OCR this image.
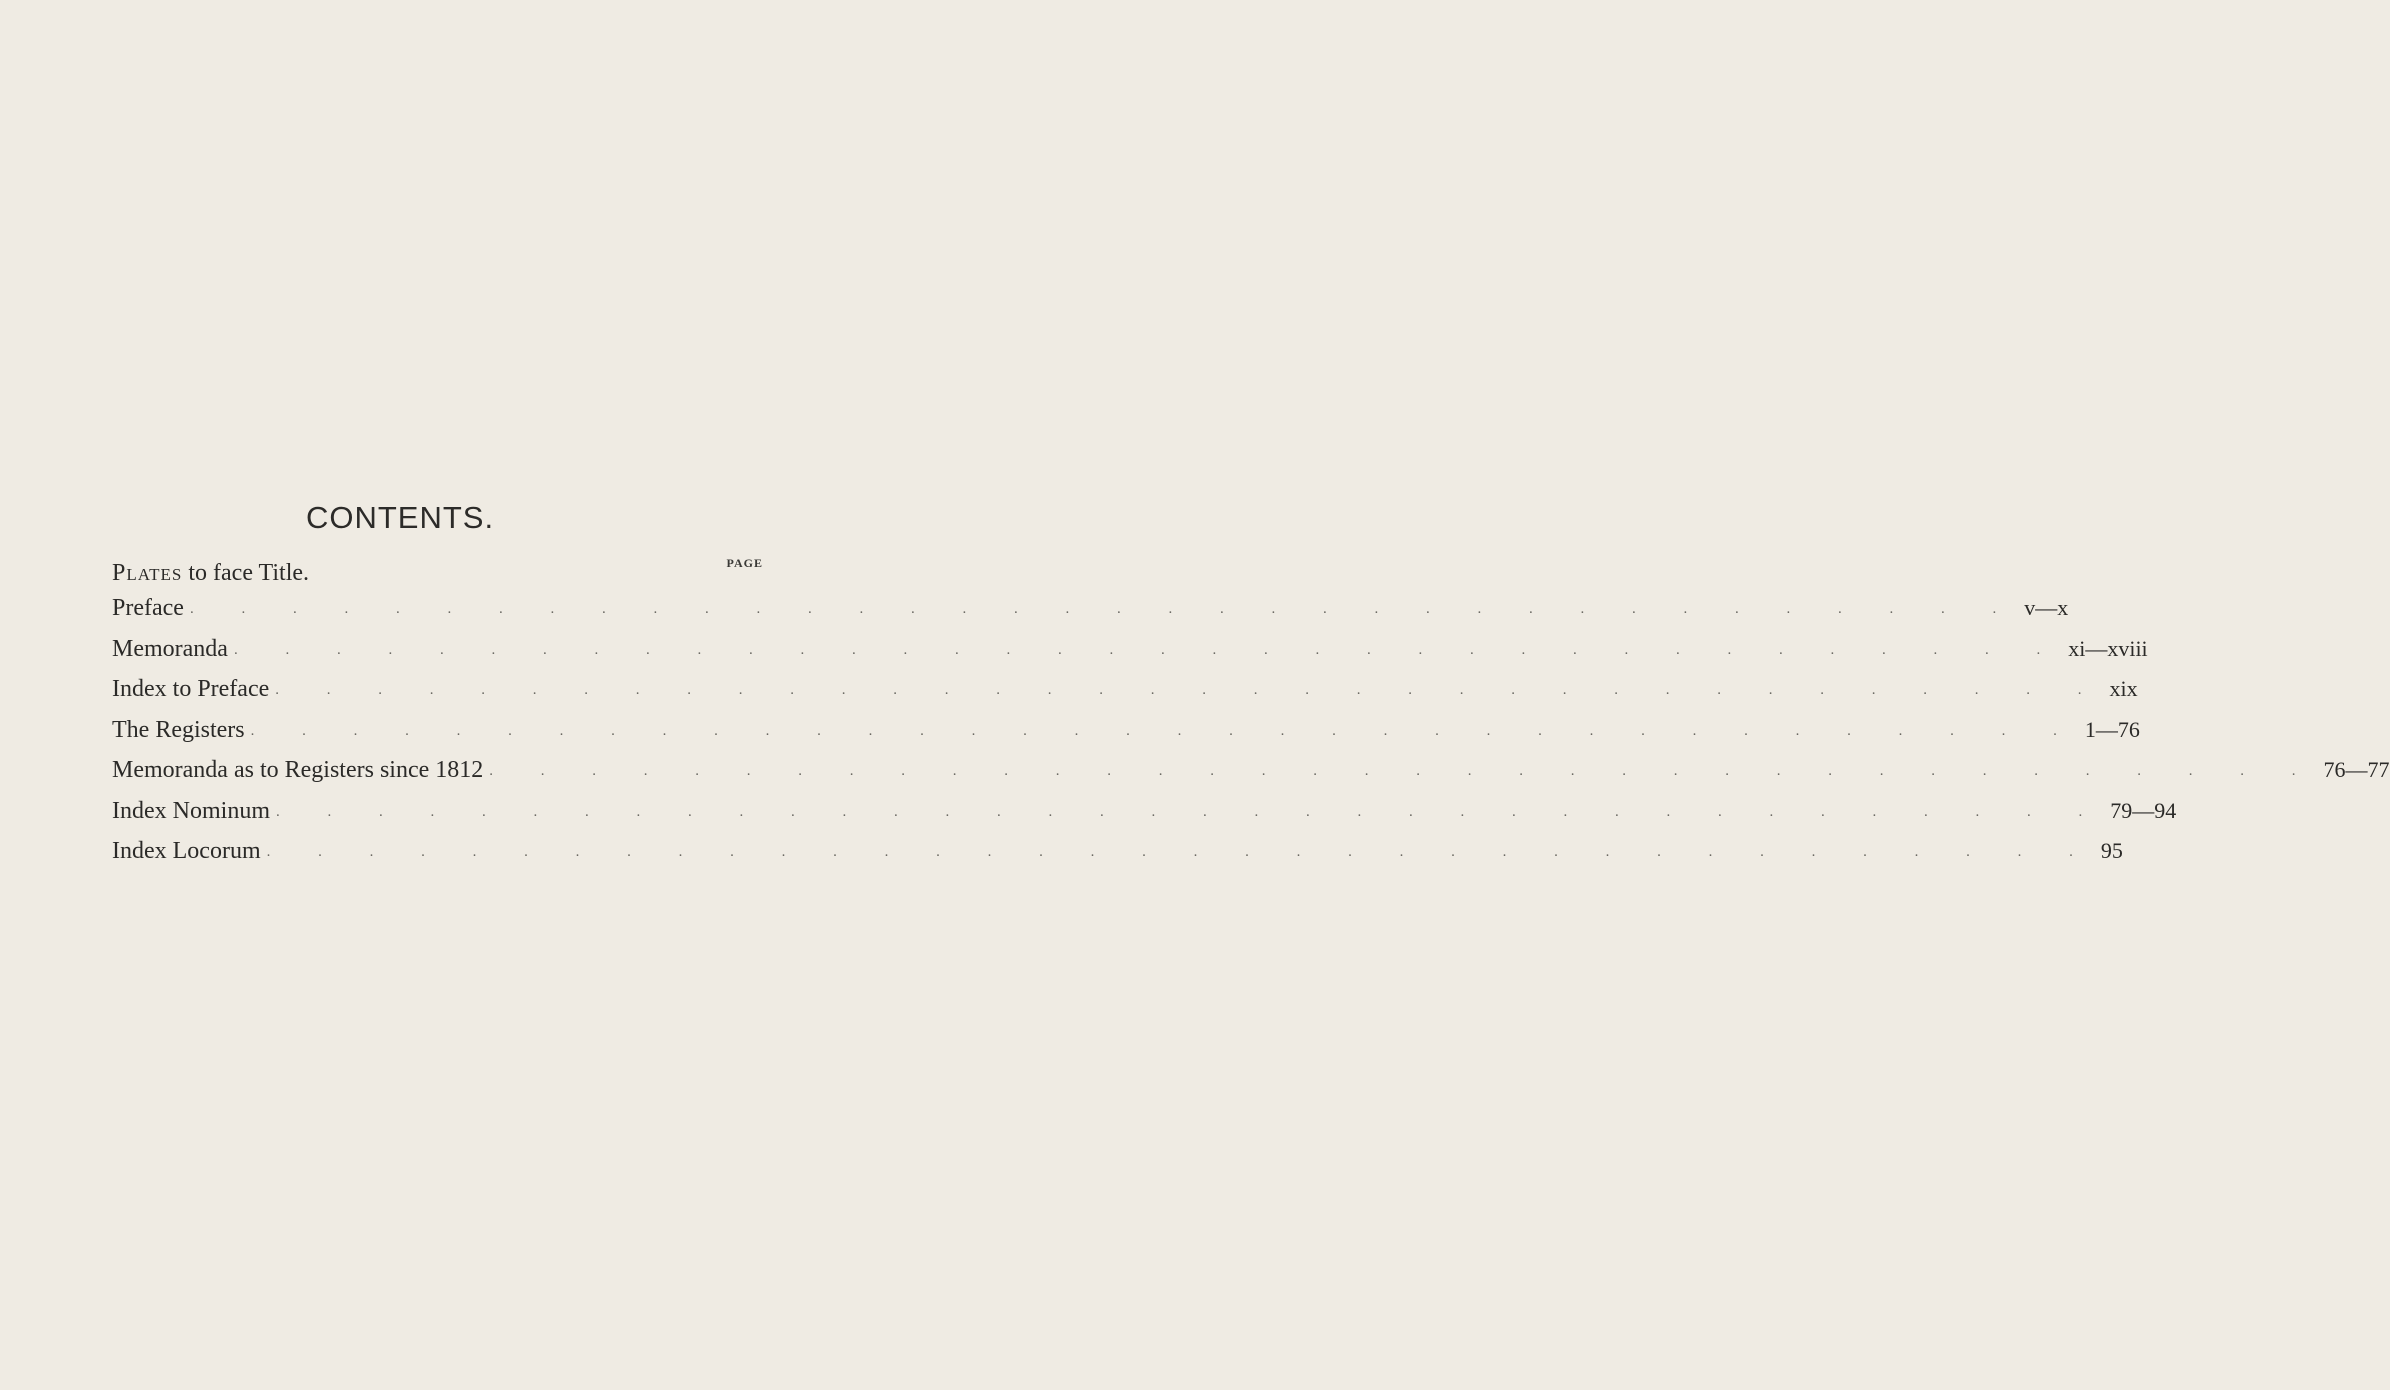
CONTENTS.
PAGE
Plates to face Title.
Preface . . . . . . . . . . . . . . . . . . . . . . . . . . . . . . . . . . . . v—x
Memoranda . . . . . . . . . . . . . . . . . . . . . . . . . . . . . . . . . . . . xi—xviii
Index to Preface . . . . . . . . . . . . . . . . . . . . . . . . . . . . . . . . . . . . xix
The Registers . . . . . . . . . . . . . . . . . . . . . . . . . . . . . . . . . . . . 1—76
Memoranda as to Registers since 1812 . . . . . . . . . . . . . . . . . . . . . . . . . . . . . . . . . . . . 76—77
Index Nominum . . . . . . . . . . . . . . . . . . . . . . . . . . . . . . . . . . . . 79—94
Index Locorum . . . . . . . . . . . . . . . . . . . . . . . . . . . . . . . . . . . . 95
